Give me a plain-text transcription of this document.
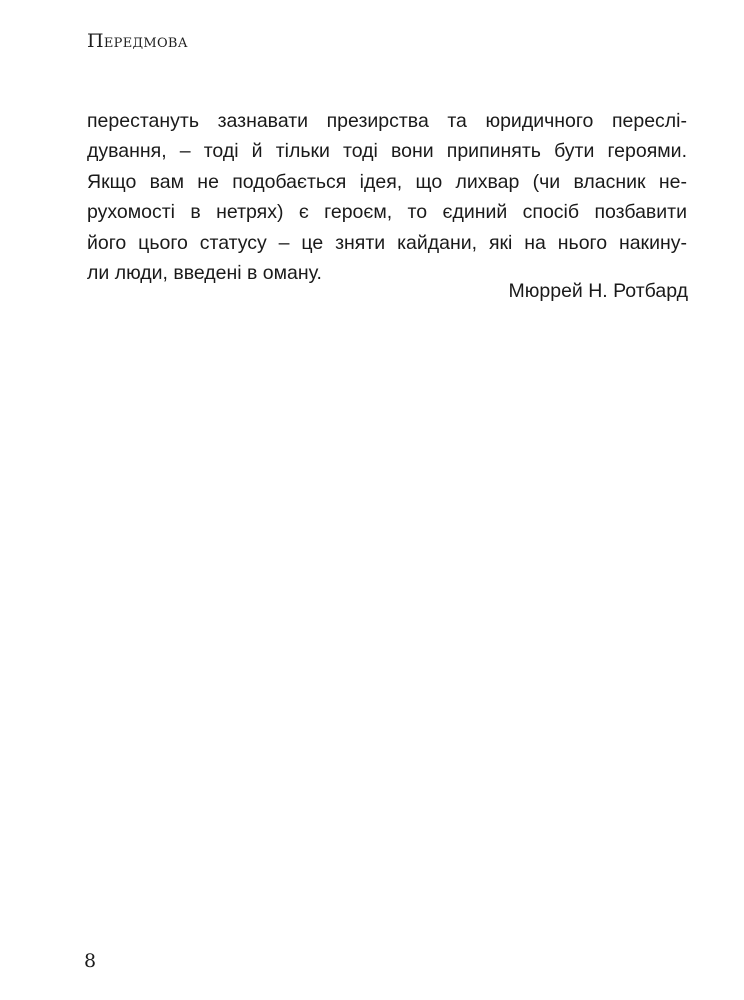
Передмова
перестануть зазнавати презирства та юридичного переслі-
дування, – тоді й тільки тоді вони припинять бути героями.
Якщо вам не подобається ідея, що лихвар (чи власник не-
рухомості в нетрях) є героєм, то єдиний спосіб позбавити
його цього статусу – це зняти кайдани, які на нього накину-
ли люди, введені в оману.
Мюррей Н. Ротбард
8
